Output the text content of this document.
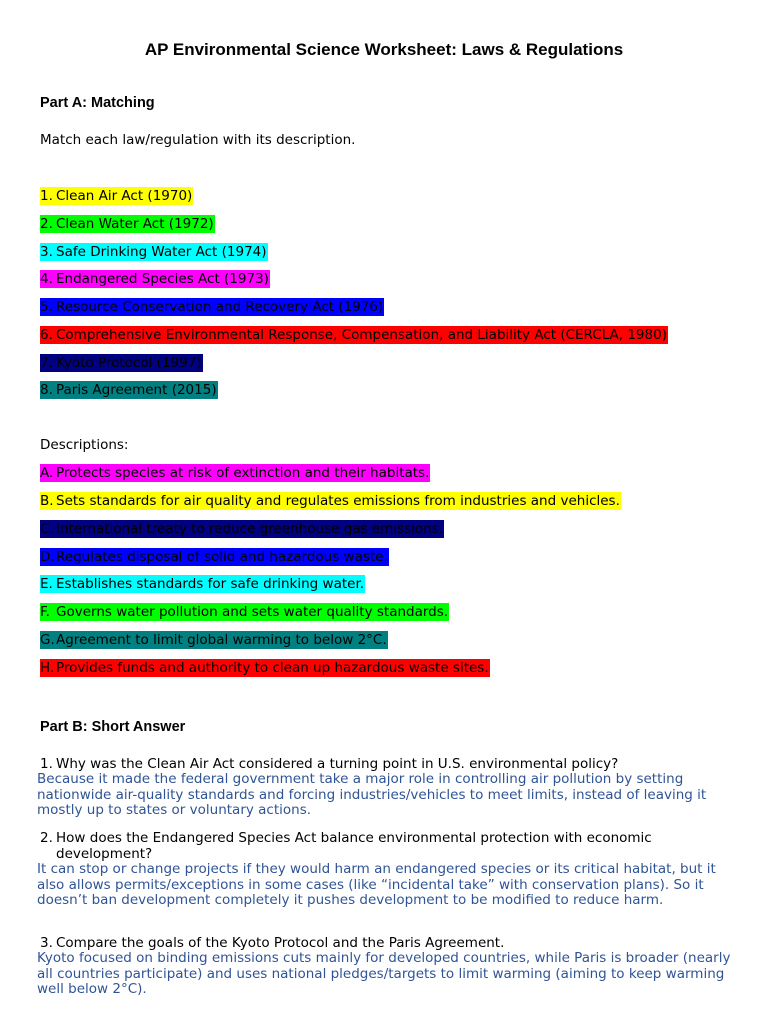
AP Environmental Science Worksheet: Laws & Regulations
Part A: Matching
Match each law/regulation with its description.
1. Clean Air Act (1970)
2. Clean Water Act (1972)
3. Safe Drinking Water Act (1974)
4. Endangered Species Act (1973)
5. Resource Conservation and Recovery Act (1976)
6. Comprehensive Environmental Response, Compensation, and Liability Act (CERCLA, 1980)
7. Kyoto Protocol (1997)
8. Paris Agreement (2015)
Descriptions:
A. Protects species at risk of extinction and their habitats.
B. Sets standards for air quality and regulates emissions from industries and vehicles.
C. International treaty to reduce greenhouse gas emissions.
D.Regulates disposal of solid and hazardous waste.
E. Establishes standards for safe drinking water.
F. Governs water pollution and sets water quality standards.
G.Agreement to limit global warming to below 2°C.
H. Provides funds and authority to clean up hazardous waste sites.
Part B: Short Answer
1. Why was the Clean Air Act considered a turning point in U.S. environmental policy?
Because it made the federal government take a major role in controlling air pollution by setting nationwide air-quality standards and forcing industries/vehicles to meet limits, instead of leaving it mostly up to states or voluntary actions.
2. How does the Endangered Species Act balance environmental protection with economic development?
It can stop or change projects if they would harm an endangered species or its critical habitat, but it also allows permits/exceptions in some cases (like “incidental take” with conservation plans). So it doesn’t ban development completely it pushes development to be modified to reduce harm.
3. Compare the goals of the Kyoto Protocol and the Paris Agreement.
Kyoto focused on binding emissions cuts mainly for developed countries, while Paris is broader (nearly all countries participate) and uses national pledges/targets to limit warming (aiming to keep warming well below 2°C).
